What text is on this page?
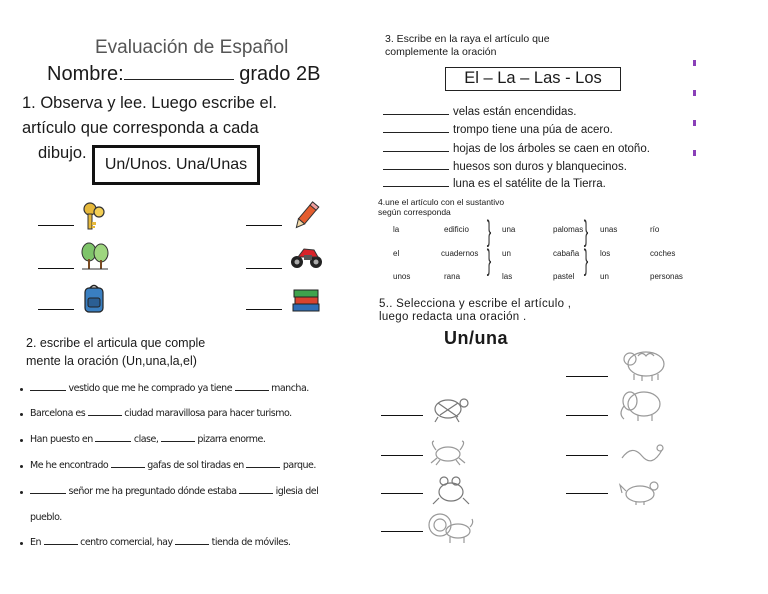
Evaluación de Español
Nombre:	grado 2B
1. Observa y lee. Luego escribe el.
artículo que corresponda a cada
dibujo.
Un/Unos. Una/Unas
2. escribe el articula que comple
mente la oración (Un,una,la,el)
vestido que me he comprado ya tiene	mancha.
Barcelona es	ciudad maravillosa para hacer turismo.
Han puesto en	clase,	pizarra enorme.
Me he encontrado	gafas de sol tiradas en	parque.
señor me ha preguntado dónde estaba	iglesia del
pueblo.
En	centro comercial, hay	tienda de móviles.
3. Escribe en la raya el artículo que
complemente la oración
El – La – Las - Los
velas están encendidas.
trompo tiene una púa de acero.
hojas de los árboles se caen en otoño.
huesos son duros y blanquecinos.
luna es el satélite de la Tierra.
4.une el artículo con el sustantivo
según corresponda
la	edificio	una	palomas unas	río
el	cuadernos	un	cabaña	los	coches
unos	rana	las	pastel	un	personas
}
}
}
}
5.. Selecciona y escribe el artículo ,
luego redacta una oración .
Un/una
